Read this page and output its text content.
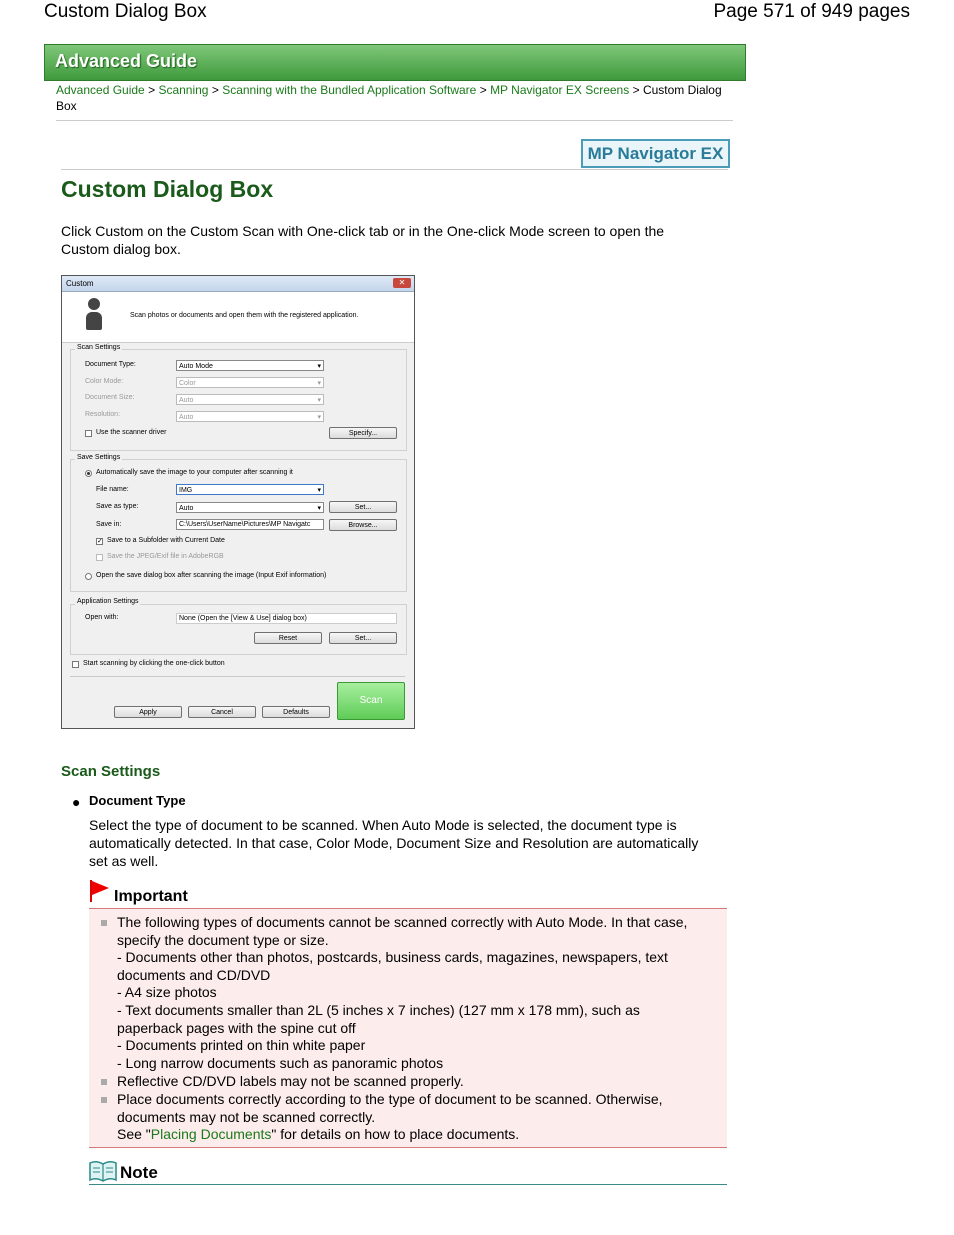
Custom Dialog Box	Page 571 of 949 pages
Advanced Guide
Advanced Guide > Scanning > Scanning with the Bundled Application Software > MP Navigator EX Screens > Custom Dialog Box
MP Navigator EX
Custom Dialog Box
Click Custom on the Custom Scan with One-click tab or in the One-click Mode screen to open the Custom dialog box.
Custom	✕
Scan photos or documents and open them with the registered application.
Scan Settings
Document Type:	Auto Mode ▾
Color Mode:	Color ▾
Document Size:	Auto ▾
Resolution:	Auto ▾
Use the scanner driver	Specify...
Save Settings
Automatically save the image to your computer after scanning it
File name:	IMG ▾
Save as type:	Auto ▾	Set...
Save in:	C:\Users\UserName\Pictures\MP Navigatc	Browse...
✓ Save to a Subfolder with Current Date
Save the JPEG/Exif file in AdobeRGB
Open the save dialog box after scanning the image (Input Exif information)
Application Settings
Open with:	None (Open the [View & Use] dialog box)
Reset	Set...
Start scanning by clicking the one-click button
Apply	Cancel	Defaults
Scan
Scan Settings
● Document Type
Select the type of document to be scanned. When Auto Mode is selected, the document type is automatically detected. In that case, Color Mode, Document Size and Resolution are automatically set as well.
Important
The following types of documents cannot be scanned correctly with Auto Mode. In that case,
specify the document type or size.
- Documents other than photos, postcards, business cards, magazines, newspapers, text
documents and CD/DVD
- A4 size photos
- Text documents smaller than 2L (5 inches x 7 inches) (127 mm x 178 mm), such as
paperback pages with the spine cut off
- Documents printed on thin white paper
- Long narrow documents such as panoramic photos
Reflective CD/DVD labels may not be scanned properly.
Place documents correctly according to the type of document to be scanned. Otherwise,
documents may not be scanned correctly.
See "Placing Documents" for details on how to place documents.
Note
